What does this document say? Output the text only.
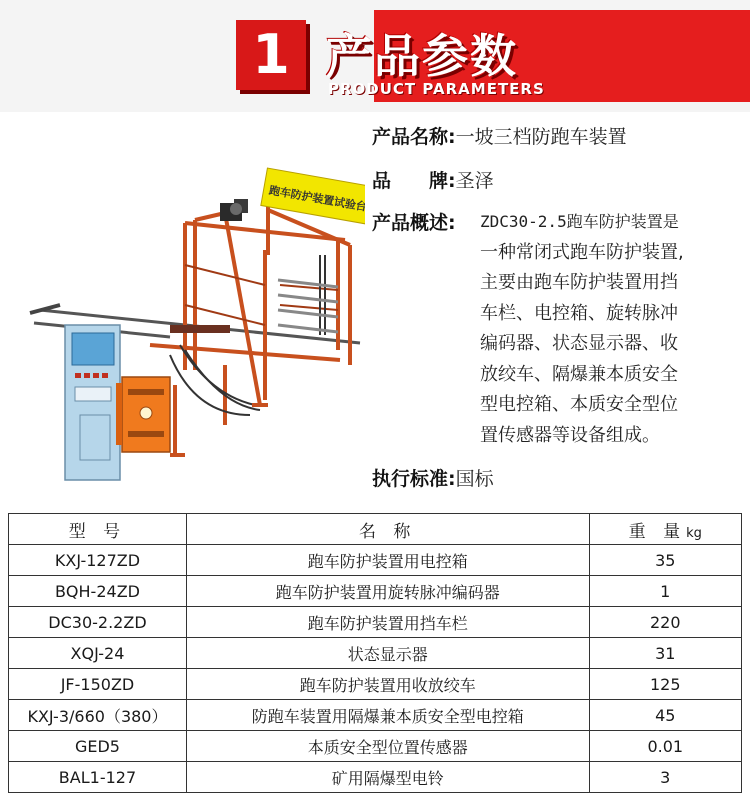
1 产品参数
PRODUCT PARAMETERS
跑车防护装置试验台
产品名称:一坡三档防跑车装置
品　　牌:圣泽
产品概述: ZDC30-2.5跑车防护装置是
一种常闭式跑车防护装置,
主要由跑车防护装置用挡
车栏、电控箱、旋转脉冲
编码器、状态显示器、收
放绞车、隔爆兼本质安全
型电控箱、本质安全型位
置传感器等设备组成。
执行标准:国标
型 号	名 称	重 量kg
KXJ-127ZD	跑车防护装置用电控箱	35
BQH-24ZD	跑车防护装置用旋转脉冲编码器	1
DC30-2.2ZD	跑车防护装置用挡车栏	220
XQJ-24	状态显示器	31
JF-150ZD	跑车防护装置用收放绞车	125
KXJ-3/660（380）	防跑车装置用隔爆兼本质安全型电控箱	45
GED5	本质安全型位置传感器	0.01
BAL1-127	矿用隔爆型电铃	3
